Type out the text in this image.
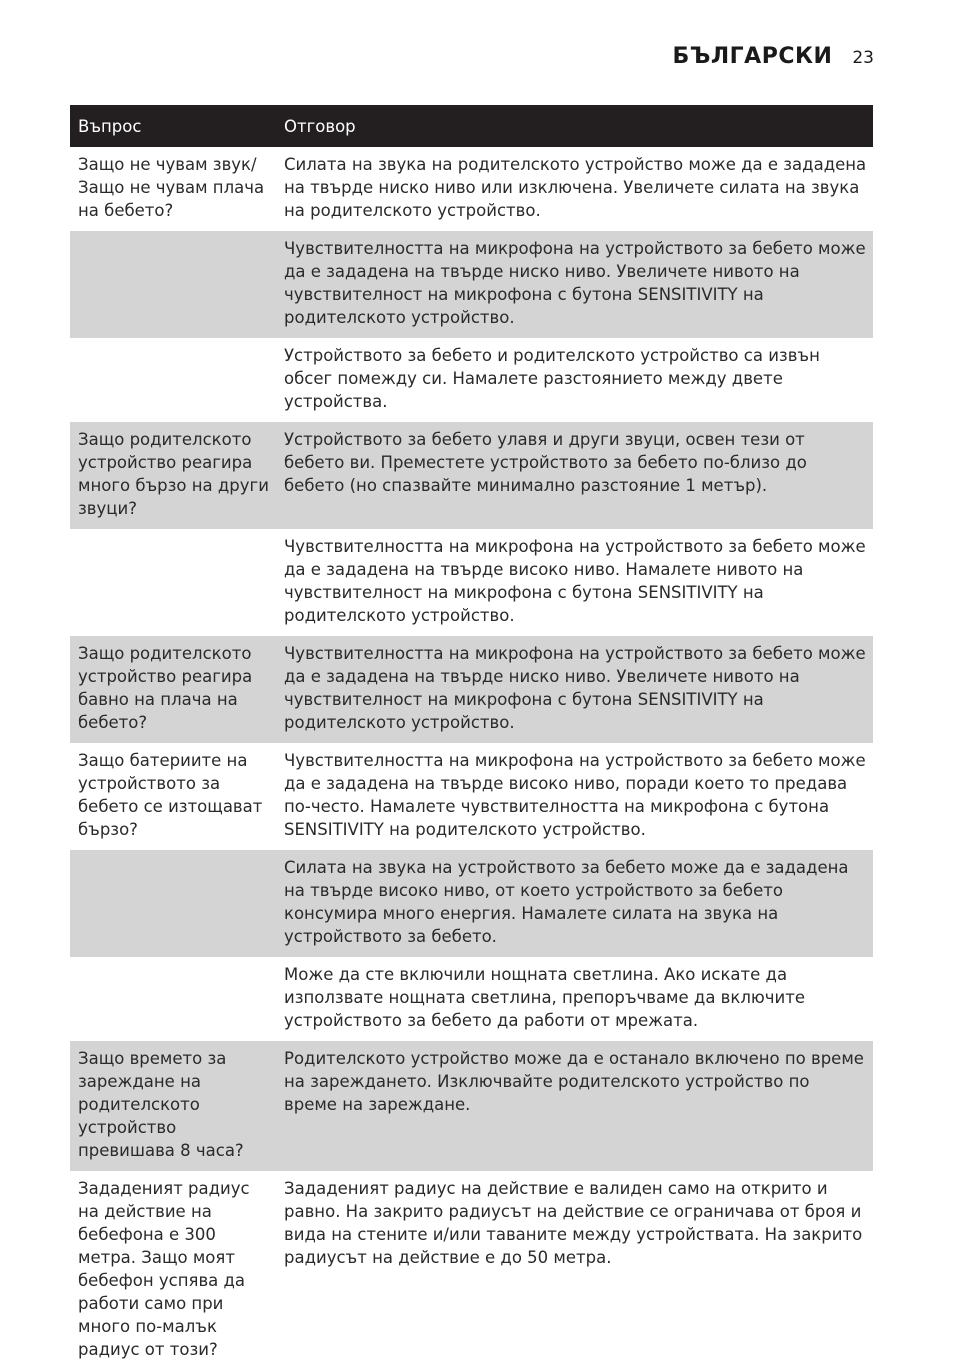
БЪЛГАРСКИ 23
Въпрос	Отговор
Защо не чувам звук/ Защо не чувам плача на бебето?
Силата на звука на родителското устройство може да е зададена на твърде ниско ниво или изключена. Увеличете силата на звука на родителското устройство.
Чувствителността на микрофона на устройството за бебето може да е зададена на твърде ниско ниво. Увеличете нивото на чувствителност на микрофона с бутона SENSITIVITY на родителското устройство.
Устройството за бебето и родителското устройство са извън обсег помежду си. Намалете разстоянието между двете устройства.
Защо родителското устройство реагира много бързо на други звуци?
Устройството за бебето улавя и други звуци, освен тези от бебето ви. Преместете устройството за бебето по-близо до бебето (но спазвайте минимално разстояние 1 метър).
Чувствителността на микрофона на устройството за бебето може да е зададена на твърде високо ниво. Намалете нивото на чувствителност на микрофона с бутона SENSITIVITY на родителското устройство.
Защо родителското устройство реагира бавно на плача на бебето?
Чувствителността на микрофона на устройството за бебето може да е зададена на твърде ниско ниво. Увеличете нивото на чувствителност на микрофона с бутона SENSITIVITY на родителското устройство.
Защо батериите на устройството за бебето се изтощават бързо?
Чувствителността на микрофона на устройството за бебето може да е зададена на твърде високо ниво, поради което то предава по-често. Намалете чувствителността на микрофона с бутона SENSITIVITY на родителското устройство.
Силата на звука на устройството за бебето може да е зададена на твърде високо ниво, от което устройството за бебето консумира много енергия. Намалете силата на звука на устройството за бебето.
Може да сте включили нощната светлина. Ако искате да използвате нощната светлина, препоръчваме да включите устройството за бебето да работи от мрежата.
Защо времето за зареждане на родителското устройство превишава 8 часа?
Родителското устройство може да е останало включено по време на зареждането. Изключвайте родителското устройство по време на зареждане.
Зададеният радиус на действие на бебефона е 300 метра. Защо моят бебефон успява да работи само при много по-малък радиус от този?
Зададеният радиус на действие е валиден само на открито и равно. На закрито радиусът на действие се ограничава от броя и вида на стените и/или таваните между устройствата. На закрито радиусът на действие е до 50 метра.
